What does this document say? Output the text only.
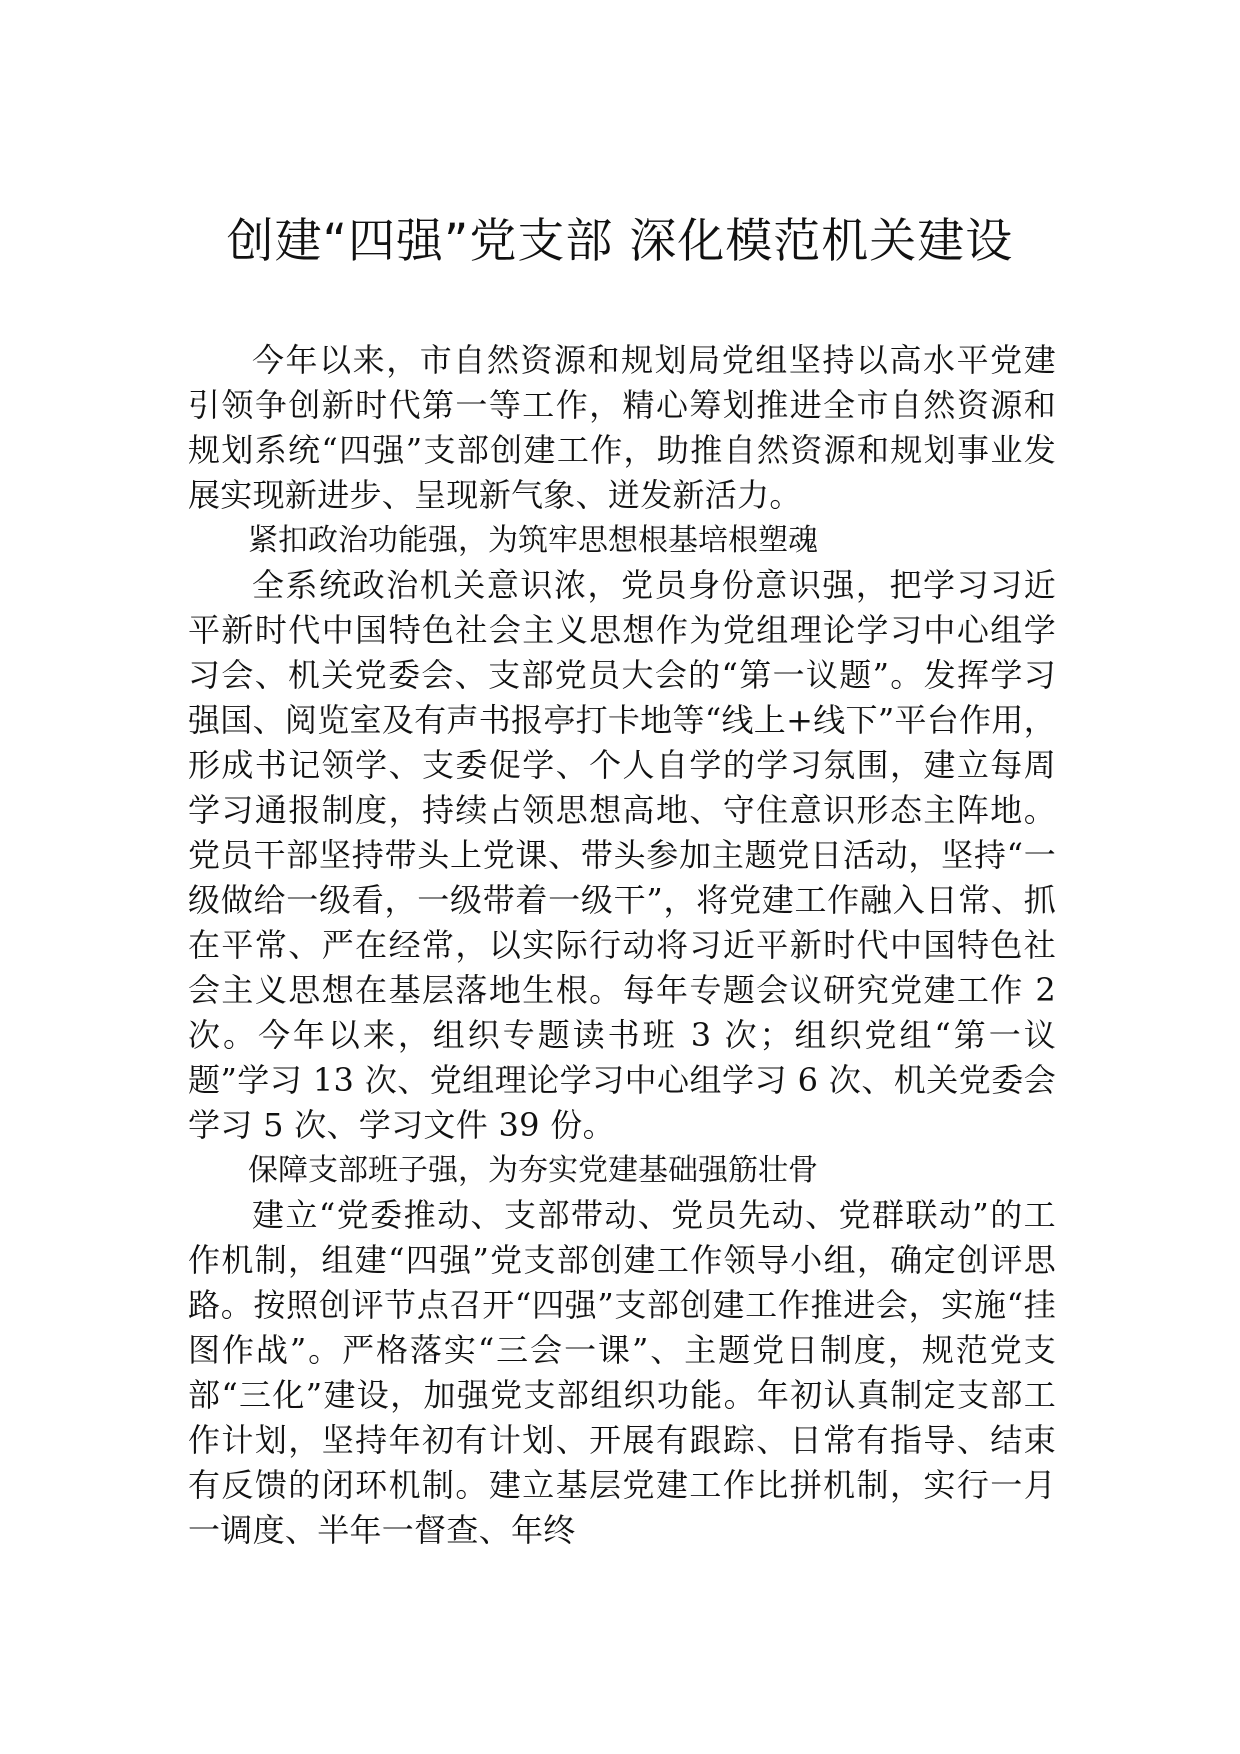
创建“四强”党支部 深化模范机关建设

今年以来，市自然资源和规划局党组坚持以高水平党建引领争创新时代第一等工作，精心筹划推进全市自然资源和规划系统“四强”支部创建工作，助推自然资源和规划事业发展实现新进步、呈现新气象、迸发新活力。

紧扣政治功能强，为筑牢思想根基培根塑魂

全系统政治机关意识浓，党员身份意识强，把学习习近平新时代中国特色社会主义思想作为党组理论学习中心组学习会、机关党委会、支部党员大会的“第一议题”。发挥学习强国、阅览室及有声书报亭打卡地等“线上+线下”平台作用，形成书记领学、支委促学、个人自学的学习氛围，建立每周学习通报制度，持续占领思想高地、守住意识形态主阵地。党员干部坚持带头上党课、带头参加主题党日活动，坚持“一级做给一级看，一级带着一级干”，将党建工作融入日常、抓在平常、严在经常，以实际行动将习近平新时代中国特色社会主义思想在基层落地生根。每年专题会议研究党建工作 2 次。今年以来，组织专题读书班 3 次；组织党组“第一议题”学习 13 次、党组理论学习中心组学习 6 次、机关党委会学习 5 次、学习文件 39 份。

保障支部班子强，为夯实党建基础强筋壮骨

建立“党委推动、支部带动、党员先动、党群联动”的工作机制，组建“四强”党支部创建工作领导小组，确定创评思路。按照创评节点召开“四强”支部创建工作推进会，实施“挂图作战”。严格落实“三会一课”、主题党日制度，规范党支部“三化”建设，加强党支部组织功能。年初认真制定支部工作计划，坚持年初有计划、开展有跟踪、日常有指导、结束有反馈的闭环机制。建立基层党建工作比拼机制，实行一月一调度、半年一督查、年终
